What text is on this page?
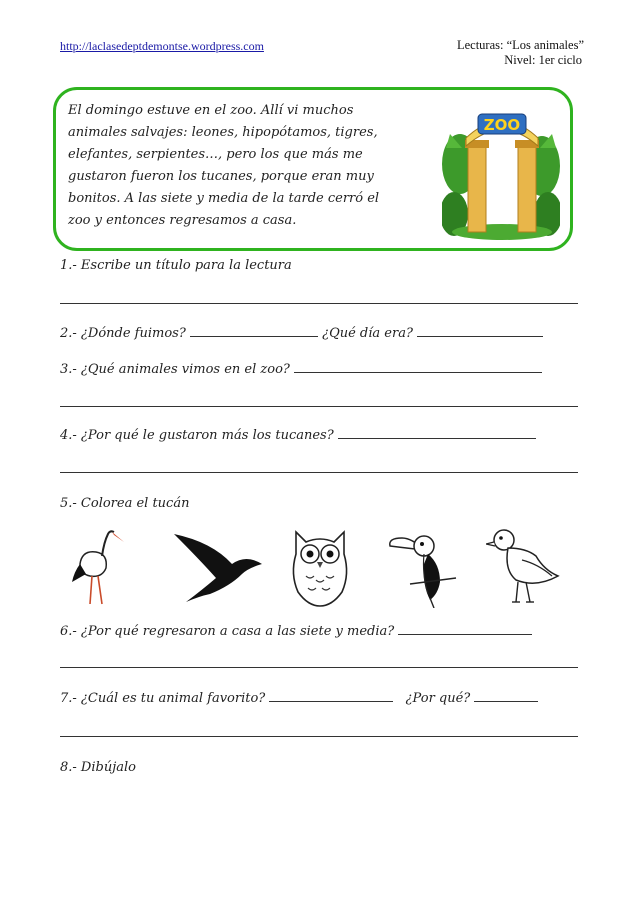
http://laclasedeptdemontse.wordpress.com	Lecturas: “Los animales”
Nivel: 1er ciclo
El domingo estuve en el zoo. Allí vi muchos
animales salvajes: leones, hipopótamos, tigres,
elefantes, serpientes…, pero los que más me
gustaron fueron los tucanes, porque eran muy
bonitos. A las siete y media de la tarde cerró el
zoo y entonces regresamos a casa.
ZOO
1.- Escribe un título para la lectura
2.- ¿Dónde fuimos?	¿Qué día era?
3.- ¿Qué animales vimos en el zoo?
4.- ¿Por qué le gustaron más los tucanes?
5.- Colorea el tucán
6.- ¿Por qué regresaron a casa a las siete y media?
7.- ¿Cuál es tu animal favorito?	¿Por qué?
8.- Dibújalo
